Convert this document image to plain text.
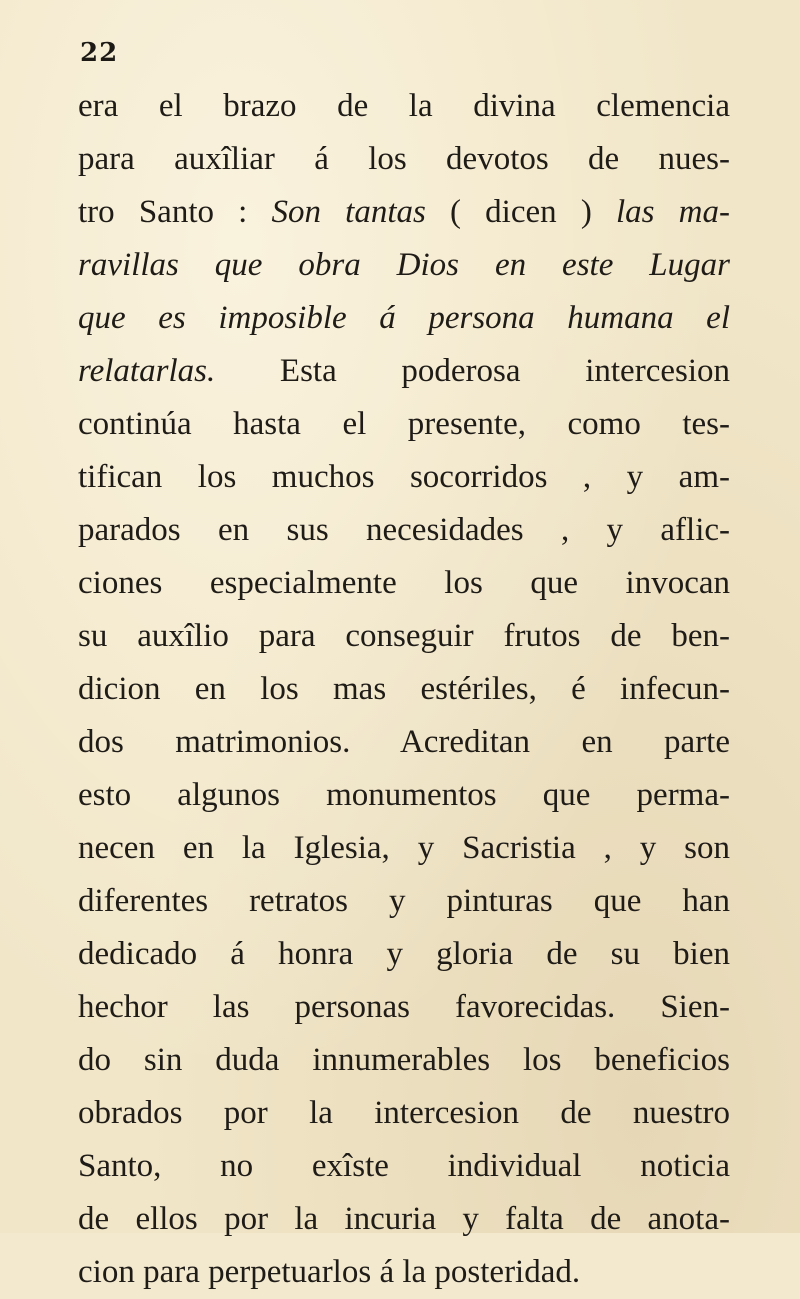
22
era el brazo de la divina clemencia
para auxîliar á los devotos de nues-
tro Santo : Son tantas ( dicen ) las ma-
ravillas que obra Dios en este Lugar
que es imposible á persona humana el
relatarlas. Esta poderosa intercesion
continúa hasta el presente, como tes-
tifican los muchos socorridos , y am-
parados en sus necesidades , y aflic-
ciones especialmente los que invocan
su auxîlio para conseguir frutos de ben-
dicion en los mas estériles, é infecun-
dos matrimonios. Acreditan en parte
esto algunos monumentos que perma-
necen en la Iglesia, y Sacristia , y son
diferentes retratos y pinturas que han
dedicado á honra y gloria de su bien
hechor las personas favorecidas. Sien-
do sin duda innumerables los beneficios
obrados por la intercesion de nuestro
Santo, no exîste individual noticia
de ellos por la incuria y falta de anota-
cion para perpetuarlos á la posteridad.
